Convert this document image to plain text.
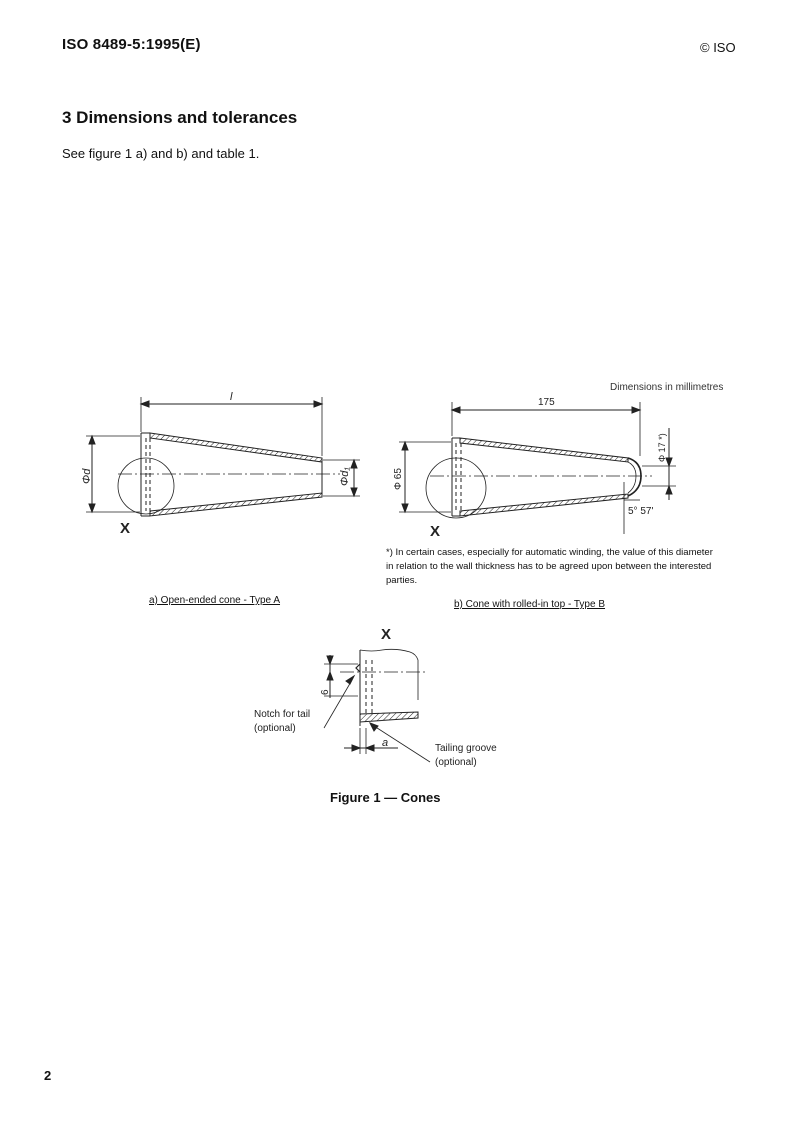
ISO 8489-5:1995(E)	© ISO
3 Dimensions and tolerances
See figure 1 a) and b) and table 1.
Dimensions in millimetres
l
Φd	Φd₁
X
175
Φ 65
Φ 17 *)
5° 57'
X
X
6
a
Notch for tail
(optional)
Tailing groove
(optional)
*) In certain cases, especially for automatic winding, the value of this diameter in relation to the wall thickness has to be agreed upon between the interested parties.
a) Open-ended cone - Type A	b) Cone with rolled-in top - Type B
Figure 1 — Cones
2
